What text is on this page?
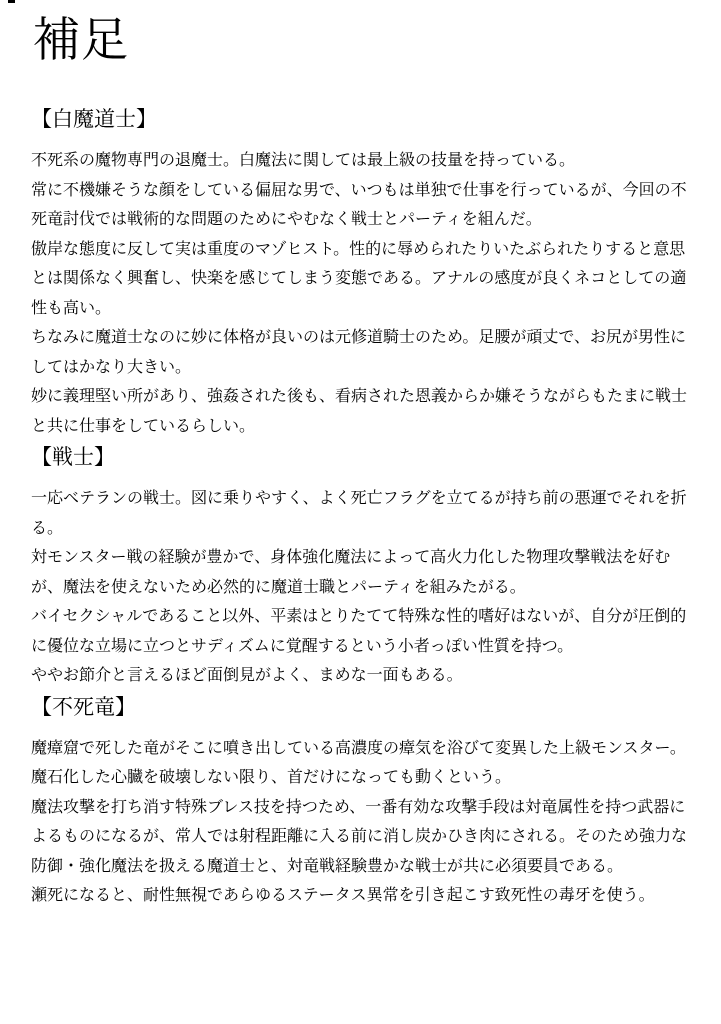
補足
【白魔道士】

不死系の魔物専門の退魔士。白魔法に関しては最上級の技量を持っている。

常に不機嫌そうな顔をしている偏屈な男で、いつもは単独で仕事を行っているが、今回の不死竜討伐では戦術的な問題のためにやむなく戦士とパーティを組んだ。

傲岸な態度に反して実は重度のマゾヒスト。性的に辱められたりいたぶられたりすると意思とは関係なく興奮し、快楽を感じてしまう変態である。アナルの感度が良くネコとしての適性も高い。

ちなみに魔道士なのに妙に体格が良いのは元修道騎士のため。足腰が頑丈で、お尻が男性にしてはかなり大きい。

妙に義理堅い所があり、強姦された後も、看病された恩義からか嫌そうながらもたまに戦士と共に仕事をしているらしい。

【戦士】

一応ベテランの戦士。図に乗りやすく、よく死亡フラグを立てるが持ち前の悪運でそれを折る。

対モンスター戦の経験が豊かで、身体強化魔法によって高火力化した物理攻撃戦法を好むが、魔法を使えないため必然的に魔道士職とパーティを組みたがる。

バイセクシャルであること以外、平素はとりたてて特殊な性的嗜好はないが、自分が圧倒的に優位な立場に立つとサディズムに覚醒するという小者っぽい性質を持つ。

ややお節介と言えるほど面倒見がよく、まめな一面もある。

【不死竜】

魔瘴窟で死した竜がそこに噴き出している高濃度の瘴気を浴びて変異した上級モンスター。魔石化した心臓を破壊しない限り、首だけになっても動くという。

魔法攻撃を打ち消す特殊ブレス技を持つため、一番有効な攻撃手段は対竜属性を持つ武器によるものになるが、常人では射程距離に入る前に消し炭かひき肉にされる。そのため強力な防御・強化魔法を扱える魔道士と、対竜戦経験豊かな戦士が共に必須要員である。

瀬死になると、耐性無視であらゆるステータス異常を引き起こす致死性の毒牙を使う。
